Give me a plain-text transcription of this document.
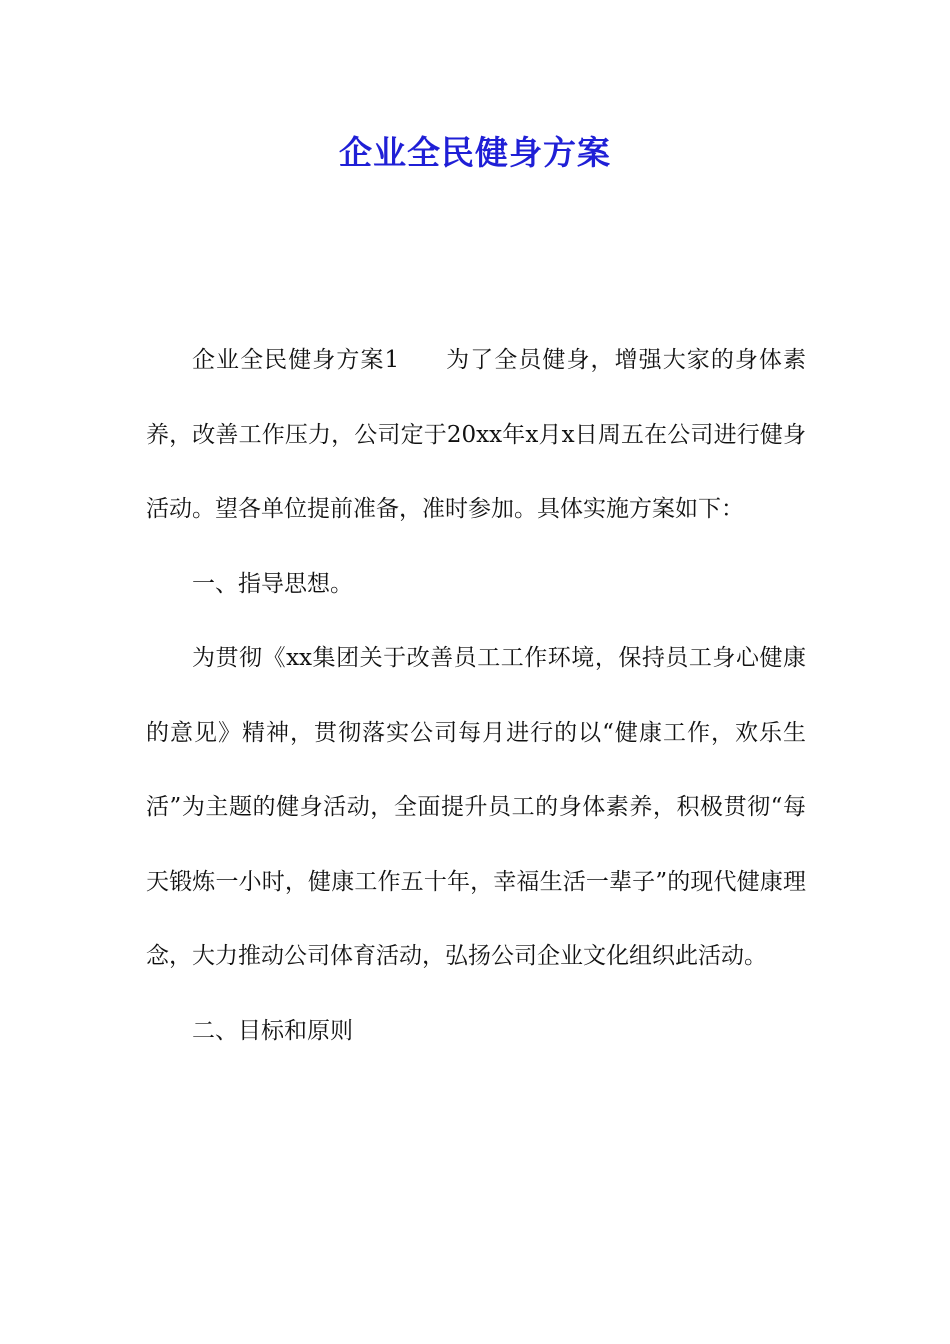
企业全民健身方案

企业全民健身方案1 为了全员健身，增强大家的身体素养，改善工作压力，公司定于20xx年x月x日周五在公司进行健身活动。望各单位提前准备，准时参加。具体实施方案如下：

一、指导思想。

为贯彻《xx集团关于改善员工工作环境，保持员工身心健康的意见》精神，贯彻落实公司每月进行的以“健康工作，欢乐生活”为主题的健身活动，全面提升员工的身体素养，积极贯彻“每天锻炼一小时，健康工作五十年，幸福生活一辈子”的现代健康理念，大力推动公司体育活动，弘扬公司企业文化组织此活动。

二、目标和原则
